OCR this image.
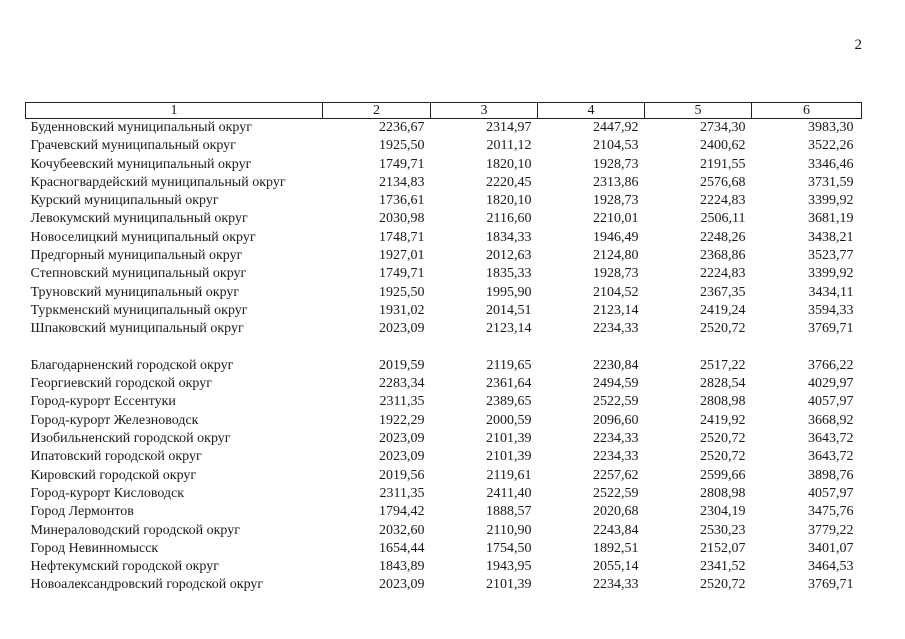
2
1	2	3	4	5	6
Буденновский муниципальный округ	2236,67	2314,97	2447,92	2734,30	3983,30
Грачевский муниципальный округ	1925,50	2011,12	2104,53	2400,62	3522,26
Кочубеевский муниципальный округ	1749,71	1820,10	1928,73	2191,55	3346,46
Красногвардейский муниципальный округ	2134,83	2220,45	2313,86	2576,68	3731,59
Курский муниципальный округ	1736,61	1820,10	1928,73	2224,83	3399,92
Левокумский муниципальный округ	2030,98	2116,60	2210,01	2506,11	3681,19
Новоселицкий муниципальный округ	1748,71	1834,33	1946,49	2248,26	3438,21
Предгорный муниципальный округ	1927,01	2012,63	2124,80	2368,86	3523,77
Степновский муниципальный округ	1749,71	1835,33	1928,73	2224,83	3399,92
Труновский муниципальный округ	1925,50	1995,90	2104,52	2367,35	3434,11
Туркменский муниципальный округ	1931,02	2014,51	2123,14	2419,24	3594,33
Шпаковский муниципальный округ	2023,09	2123,14	2234,33	2520,72	3769,71

Благодарненский городской округ	2019,59	2119,65	2230,84	2517,22	3766,22
Георгиевский городской округ	2283,34	2361,64	2494,59	2828,54	4029,97
Город-курорт Ессентуки	2311,35	2389,65	2522,59	2808,98	4057,97
Город-курорт Железноводск	1922,29	2000,59	2096,60	2419,92	3668,92
Изобильненский городской округ	2023,09	2101,39	2234,33	2520,72	3643,72
Ипатовский городской округ	2023,09	2101,39	2234,33	2520,72	3643,72
Кировский городской округ	2019,56	2119,61	2257,62	2599,66	3898,76
Город-курорт Кисловодск	2311,35	2411,40	2522,59	2808,98	4057,97
Город Лермонтов	1794,42	1888,57	2020,68	2304,19	3475,76
Минераловодский городской округ	2032,60	2110,90	2243,84	2530,23	3779,22
Город Невинномысск	1654,44	1754,50	1892,51	2152,07	3401,07
Нефтекумский городской округ	1843,89	1943,95	2055,14	2341,52	3464,53
Новоалександровский городской округ	2023,09	2101,39	2234,33	2520,72	3769,71
